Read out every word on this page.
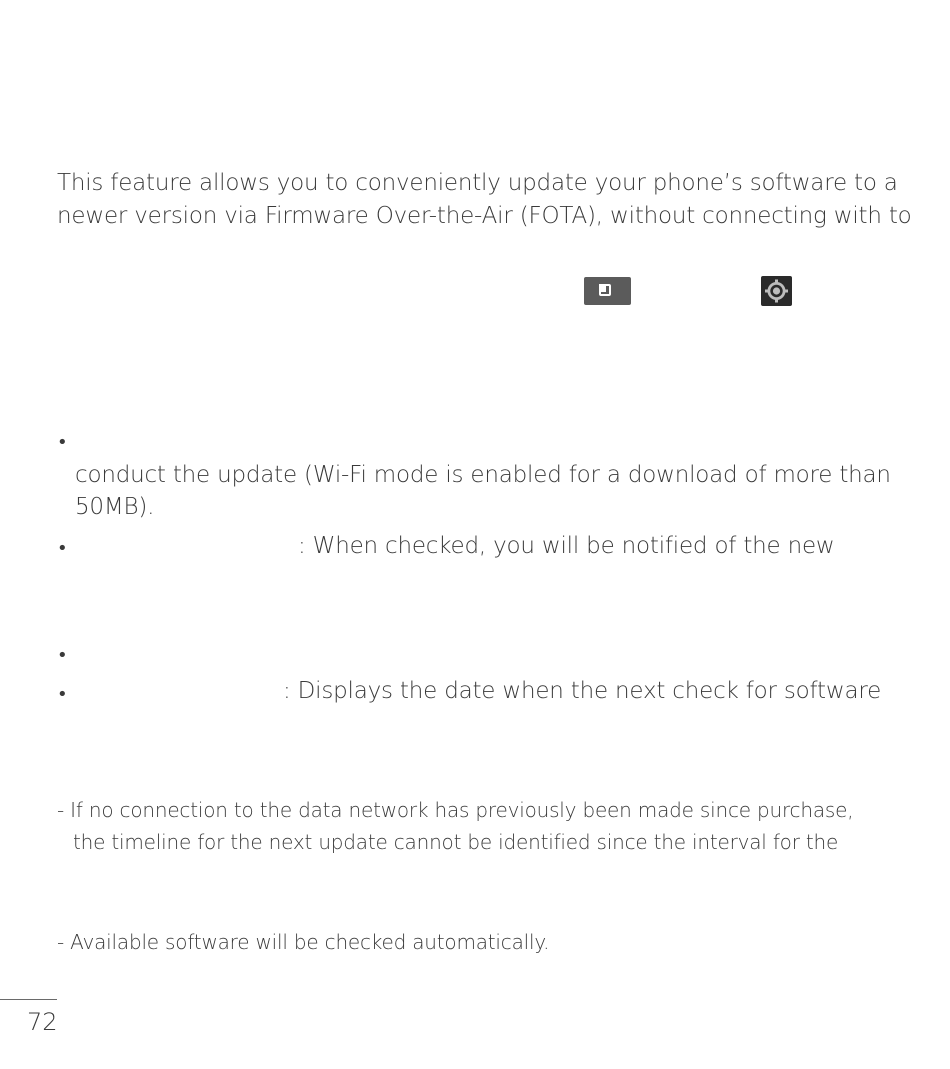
This feature allows you to conveniently update your phone’s software to a
newer version via Firmware Over-the-Air (FOTA), without connecting with to
•
conduct the update (Wi-Fi mode is enabled for a download of more than
50MB).
•	: When checked, you will be notified of the new
•
•	: Displays the date when the next check for software
- If no connection to the data network has previously been made since purchase,
the timeline for the next update cannot be identified since the interval for the
- Available software will be checked automatically.
72
